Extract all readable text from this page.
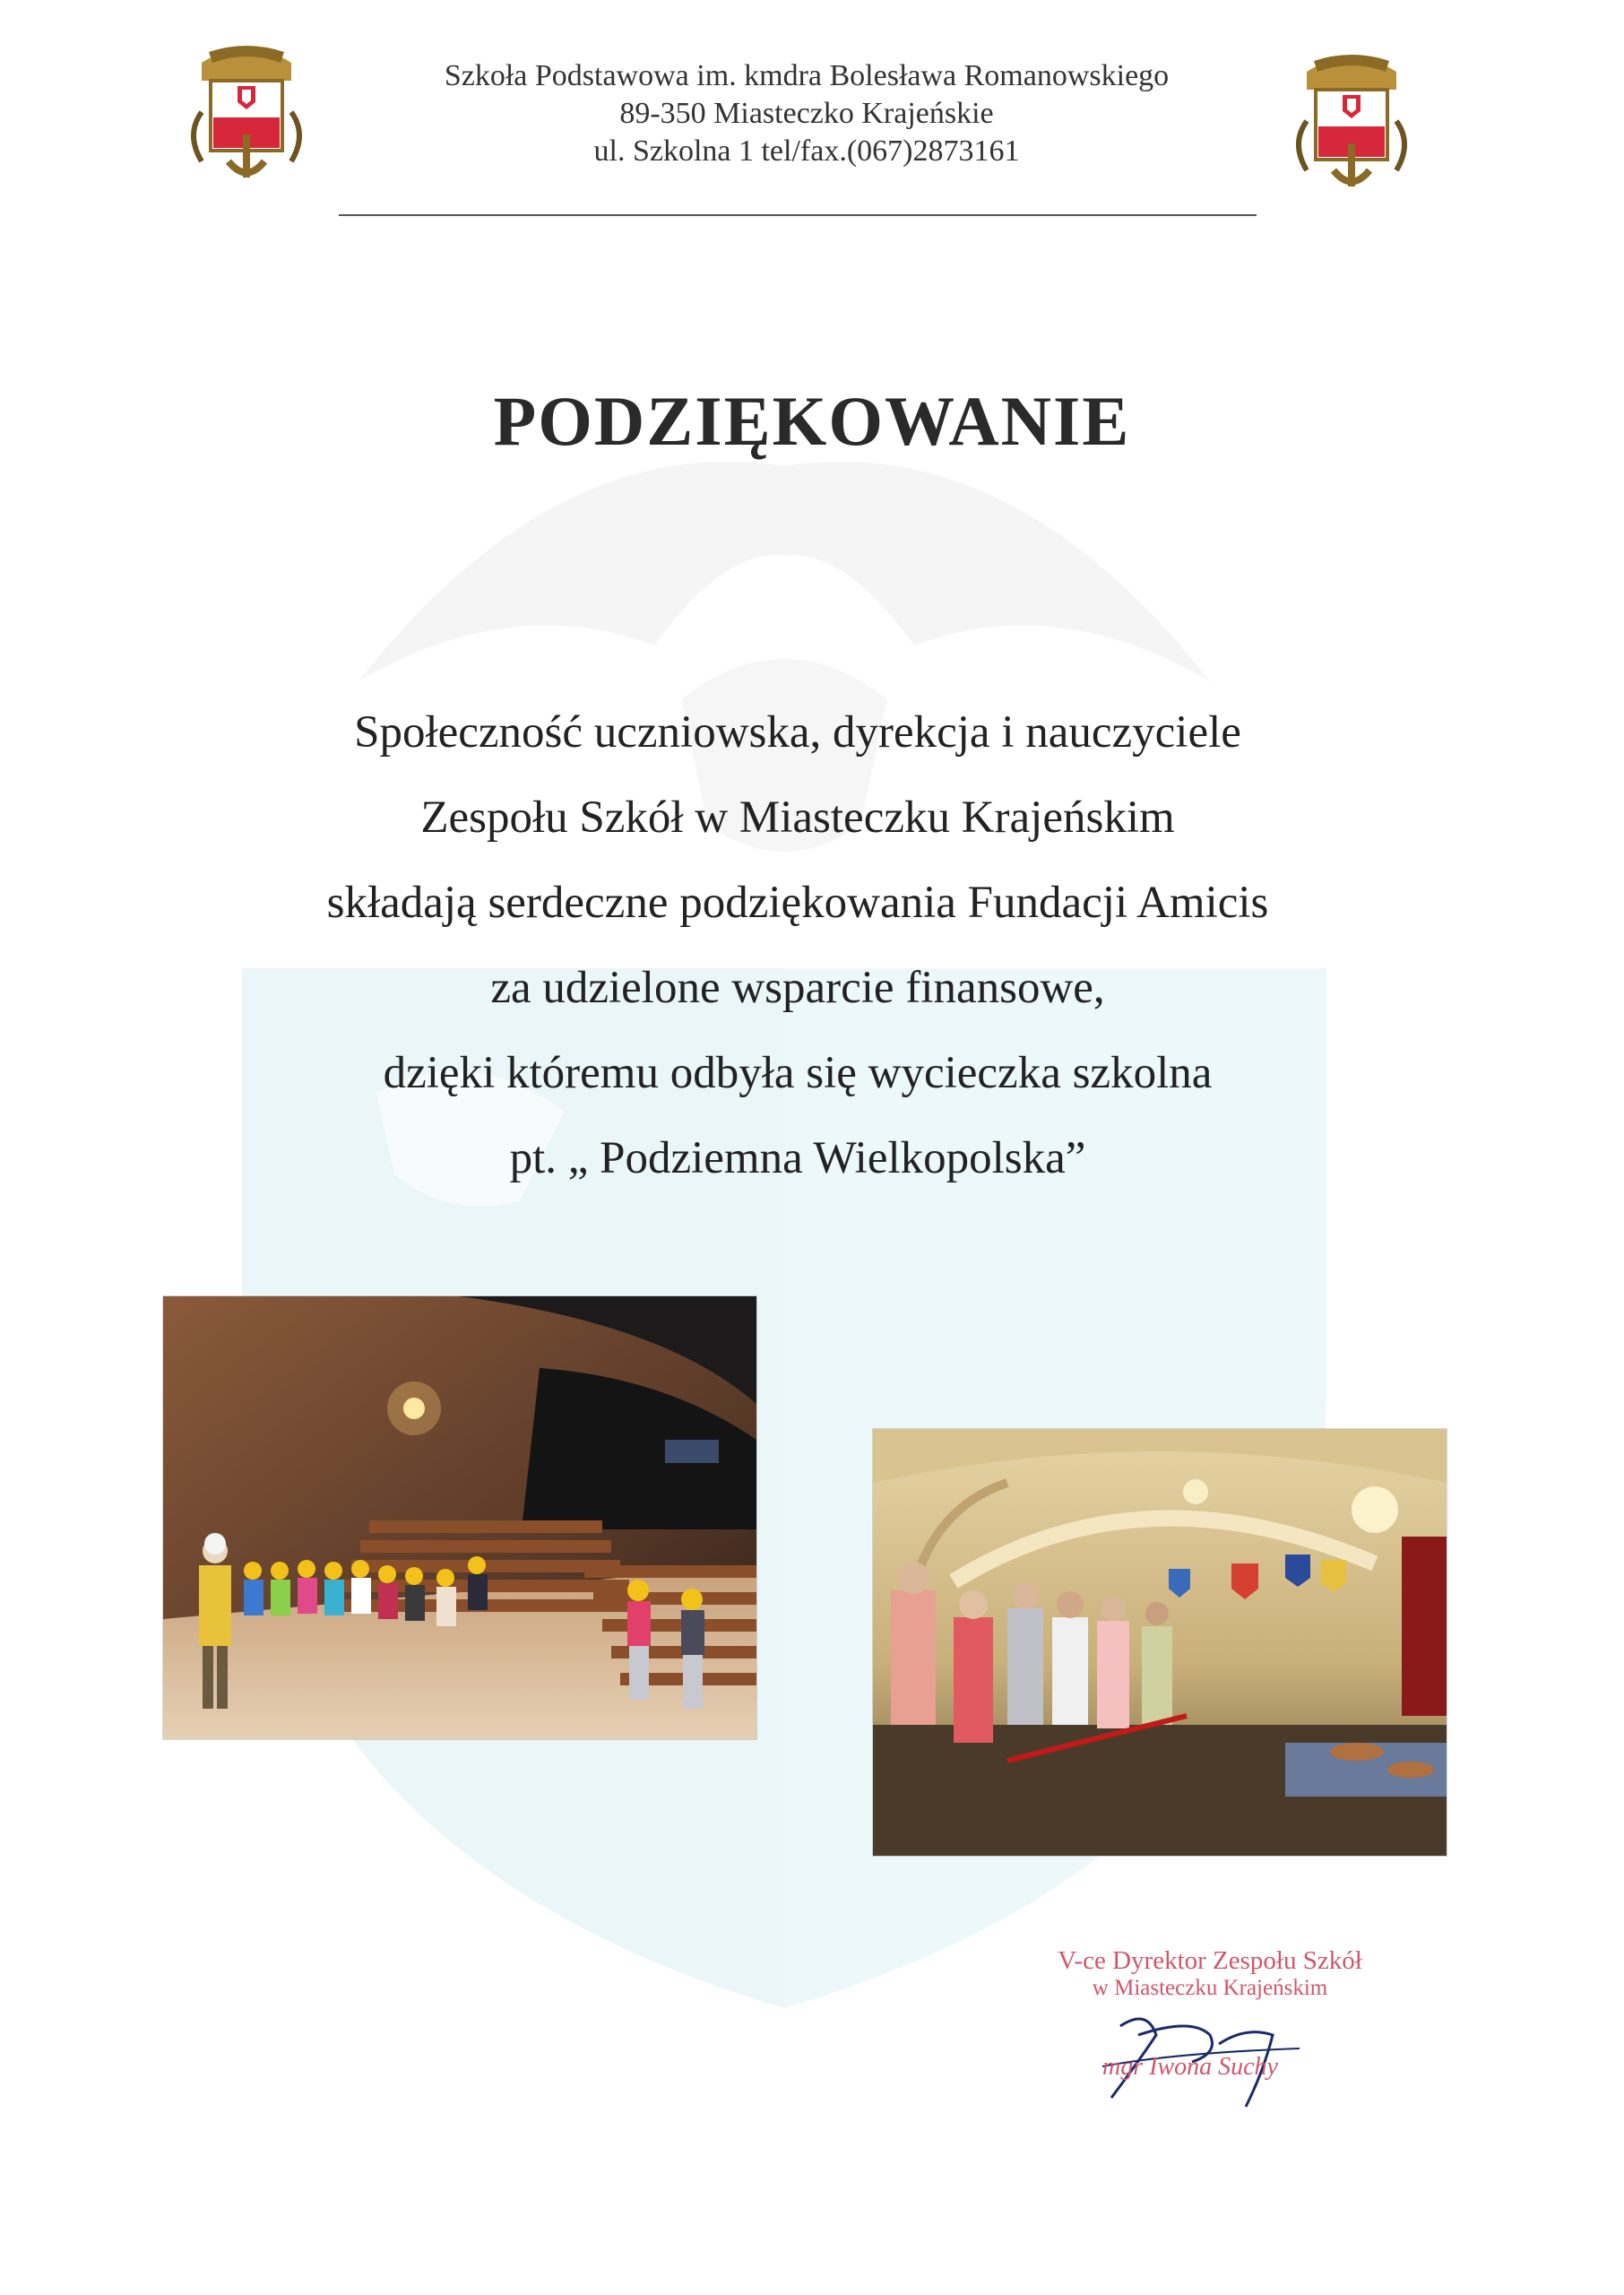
Szkoła Podstawowa im. kmdra Bolesława Romanowskiego
89-350 Miasteczko Krajeńskie
ul. Szkolna 1 tel/fax.(067)2873161
PODZIĘKOWANIE
Społeczność uczniowska, dyrekcja i nauczyciele
Zespołu Szkół w Miasteczku Krajeńskim
składają serdeczne podziękowania Fundacji Amicis
za udzielone wsparcie finansowe,
dzięki któremu odbyła się wycieczka szkolna
pt. „ Podziemna Wielkopolska”
V-ce Dyrektor Zespołu Szkół
w Miasteczku Krajeńskim
mgr Iwona Suchy
